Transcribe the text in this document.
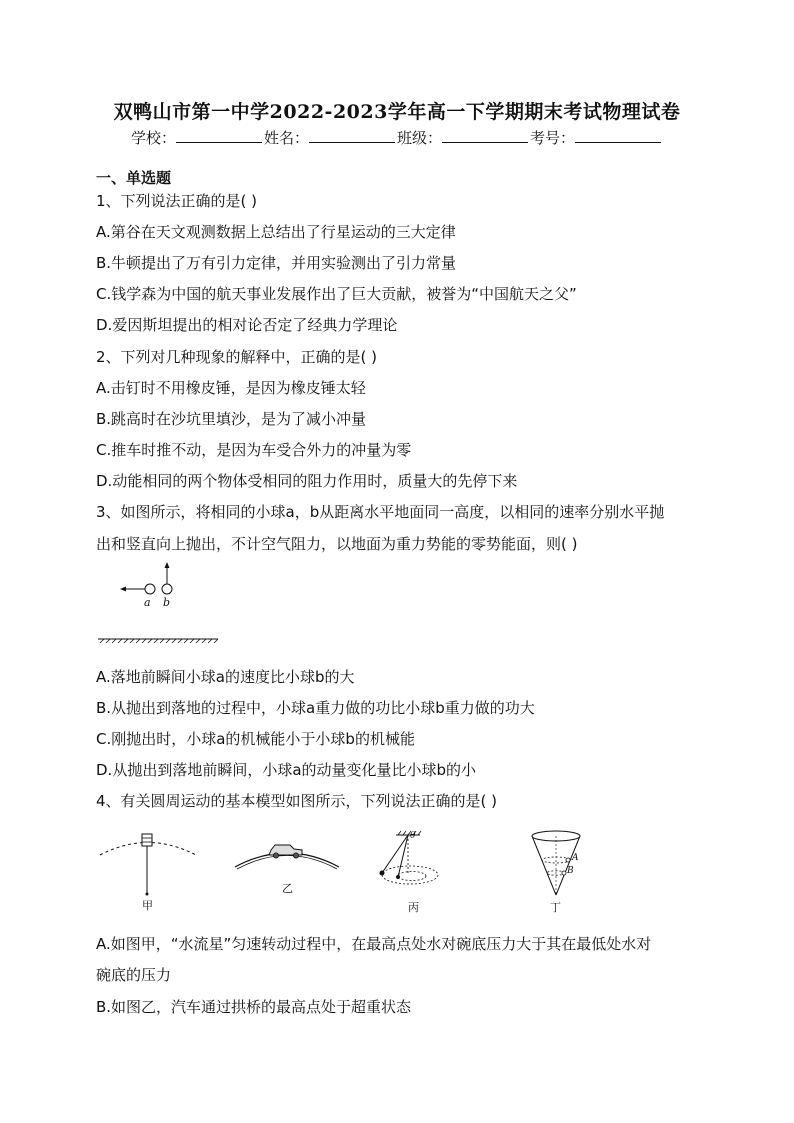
双鸭山市第一中学2022-2023学年高一下学期期末考试物理试卷
学校：	姓名：	班级：	考号：
一、单选题
1、下列说法正确的是( )
A.第谷在天文观测数据上总结出了行星运动的三大定律
B.牛顿提出了万有引力定律，并用实验测出了引力常量
C.钱学森为中国的航天事业发展作出了巨大贡献，被誉为“中国航天之父”
D.爱因斯坦提出的相对论否定了经典力学理论
2、下列对几种现象的解释中，正确的是( )
A.击钉时不用橡皮锤，是因为橡皮锤太轻
B.跳高时在沙坑里填沙，是为了减小冲量
C.推车时推不动，是因为车受合外力的冲量为零
D.动能相同的两个物体受相同的阻力作用时，质量大的先停下来
3、如图所示，将相同的小球a，b从距离水平地面同一高度，以相同的速率分别水平抛
出和竖直向上抛出，不计空气阻力，以地面为重力势能的零势能面，则( )
a b
A.落地前瞬间小球a的速度比小球b的大
B.从抛出到落地的过程中，小球a重力做的功比小球b重力做的功大
C.刚抛出时，小球a的机械能小于小球b的机械能
D.从抛出到落地前瞬间，小球a的动量变化量比小球b的小
4、有关圆周运动的基本模型如图所示，下列说法正确的是( )
甲
乙
θ
丙
A
B
丁
A.如图甲，“水流星”匀速转动过程中，在最高点处水对碗底压力大于其在最低处水对
碗底的压力
B.如图乙，汽车通过拱桥的最高点处于超重状态
